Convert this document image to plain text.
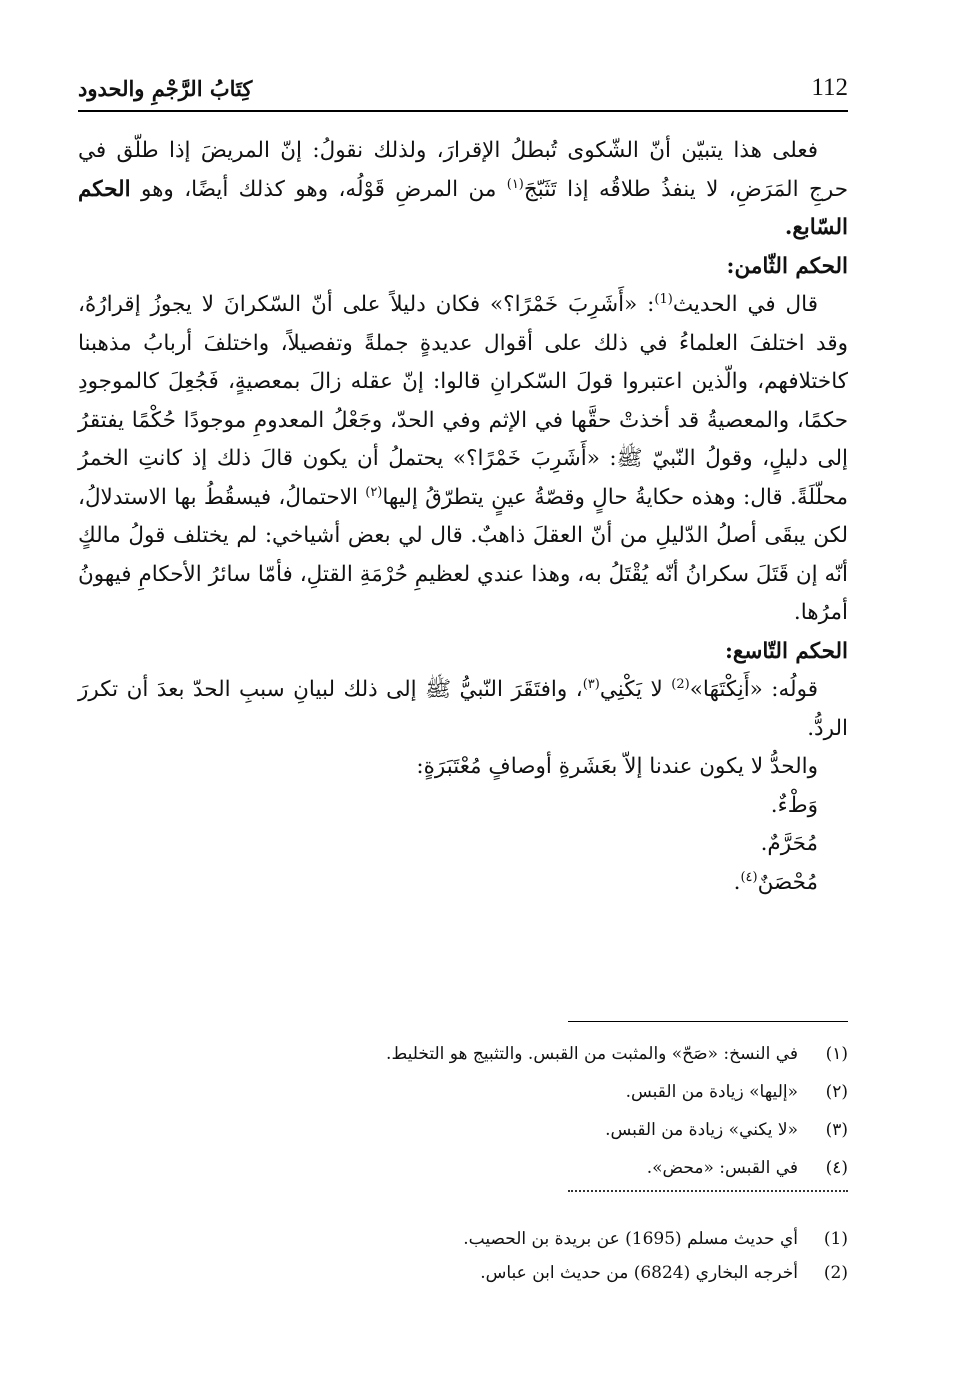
112
كِتَابُ الرَّجْمِ والحدود

فعلى هذا يتبيّن أنّ الشّكوى تُبطلُ الإقرارَ، ولذلك نقولُ: إنّ المريضَ إذا طلّق في حرجِ المَرَضِ، لا ينفذُ طلاقُه إذا تَثَبّجَ$^{(١)}$ من المرضِ قَوْلُه، وهو كذلك أيضًا، وهو الحكم السّابع.

الحكم الثّامن:

قال في الحديث$^{(1)}$: «أَشَرِبَ خَمْرًا؟» فكان دليلاً على أنّ السّكرانَ لا يجوزُ إقرارُهُ، وقد اختلفَ العلماءُ في ذلك على أقوال عديدةٍ جملةً وتفصيلاً، واختلفَ أربابُ مذهبنا كاختلافهم، والّذين اعتبروا قولَ السّكرانِ قالوا: إنّ عقله زالَ بمعصيةٍ، فَجُعِلَ كالموجودِ حكمًا، والمعصيةُ قد أخذتْ حقَّها في الإثم وفي الحدّ، وجَعْلُ المعدومِ موجودًا حُكْمًا يفتقرُ إلى دليلٍ، وقولُ النّبيّ ﷺ: «أَشَرِبَ خَمْرًا؟» يحتملُ أن يكون قالَ ذلك إذ كانتِ الخمرُ محلّلَةً. قال: وهذه حكايةُ حالٍ وقصّةُ عينٍ يتطرّقُ إليها$^{(٢)}$ الاحتمالُ، فيسقُطُ بها الاستدلالُ، لكن يبقَى أصلُ الدّليلِ من أنّ العقلَ ذاهبٌ. قال لي بعض أشياخي: لم يختلف قولُ مالكٍ أنّه إن قَتَلَ سكرانُ أنّه يُقْتَلُ به، وهذا عندي لعظيمِ حُرْمَةِ القتلِ، فأمّا سائرُ الأحكامِ فيهونُ أمرُها.

الحكم التّاسع:

قولُه: «أَنِكْتَهَا»$^{(2)}$ لا يَكْنِي$^{(٣)}$، وافتَقَرَ النّبيُّ ﷺ إلى ذلك لبيانِ سببِ الحدّ بعدَ أن تكررَ الردُّ.

والحدُّ لا يكون عندنا إلاّ بعَشَرةِ أوصافٍ مُعْتَبَرَةٍ:

وَطْءٌ.

مُحَرَّمٌ.

مُحْصَنٌ$^{(٤)}$.

(١)
في النسخ: «صَحّ» والمثبت من القبس. والتثبيج هو التخليط.
(٢)
«إليها» زيادة من القبس.
(٣)
«لا يكني» زيادة من القبس.
(٤)
في القبس: «محض».
(1)
أي حديث مسلم (1695) عن بريدة بن الحصيب.
(2)
أخرجه البخاري (6824) من حديث ابن عباس.
